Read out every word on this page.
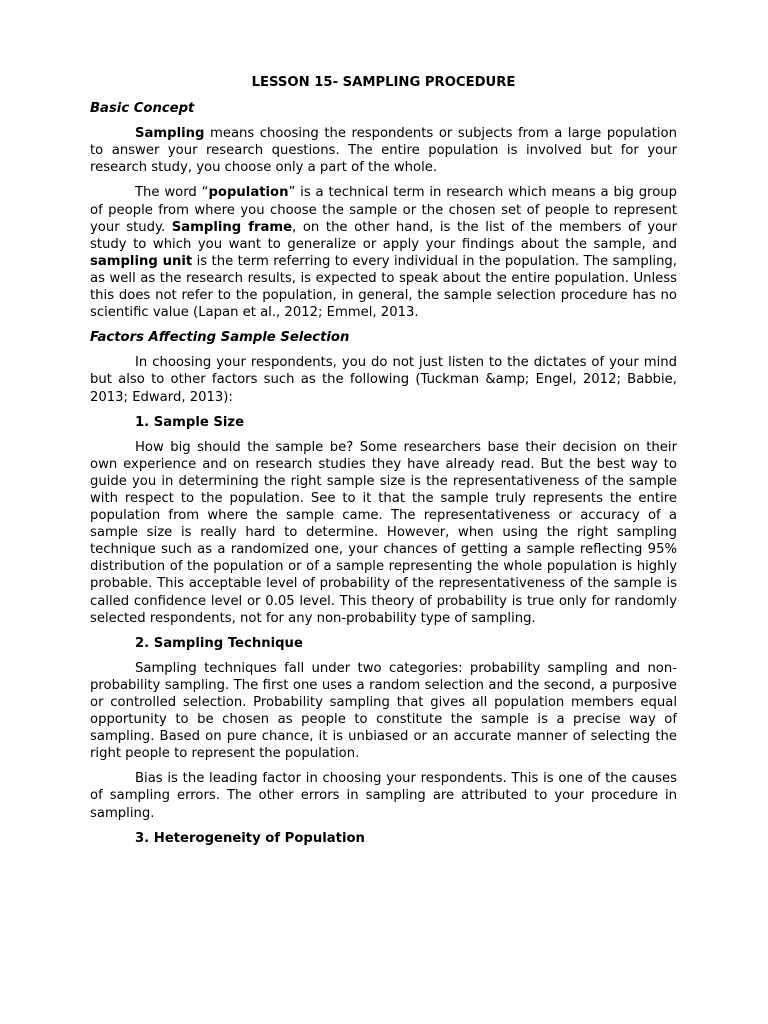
LESSON 15- SAMPLING PROCEDURE
Basic Concept

Sampling means choosing the respondents or subjects from a large population to answer your research questions. The entire population is involved but for your research study, you choose only a part of the whole.

The word “population” is a technical term in research which means a big group of people from where you choose the sample or the chosen set of people to represent your study. Sampling frame, on the other hand, is the list of the members of your study to which you want to generalize or apply your findings about the sample, and sampling unit is the term referring to every individual in the population. The sampling, as well as the research results, is expected to speak about the entire population. Unless this does not refer to the population, in general, the sample selection procedure has no scientific value (Lapan et al., 2012; Emmel, 2013.

Factors Affecting Sample Selection

In choosing your respondents, you do not just listen to the dictates of your mind but also to other factors such as the following (Tuckman &amp; Engel, 2012; Babbie, 2013; Edward, 2013):

1. Sample Size

How big should the sample be? Some researchers base their decision on their own experience and on research studies they have already read. But the best way to guide you in determining the right sample size is the representativeness of the sample with respect to the population. See to it that the sample truly represents the entire population from where the sample came. The representativeness or accuracy of a sample size is really hard to determine. However, when using the right sampling technique such as a randomized one, your chances of getting a sample reflecting 95% distribution of the population or of a sample representing the whole population is highly probable. This acceptable level of probability of the representativeness of the sample is called confidence level or 0.05 level. This theory of probability is true only for randomly selected respondents, not for any non-probability type of sampling.

2. Sampling Technique

Sampling techniques fall under two categories: probability sampling and non-probability sampling. The first one uses a random selection and the second, a purposive or controlled selection. Probability sampling that gives all population members equal opportunity to be chosen as people to constitute the sample is a precise way of sampling. Based on pure chance, it is unbiased or an accurate manner of selecting the right people to represent the population.

Bias is the leading factor in choosing your respondents. This is one of the causes of sampling errors. The other errors in sampling are attributed to your procedure in sampling.

3. Heterogeneity of Population
